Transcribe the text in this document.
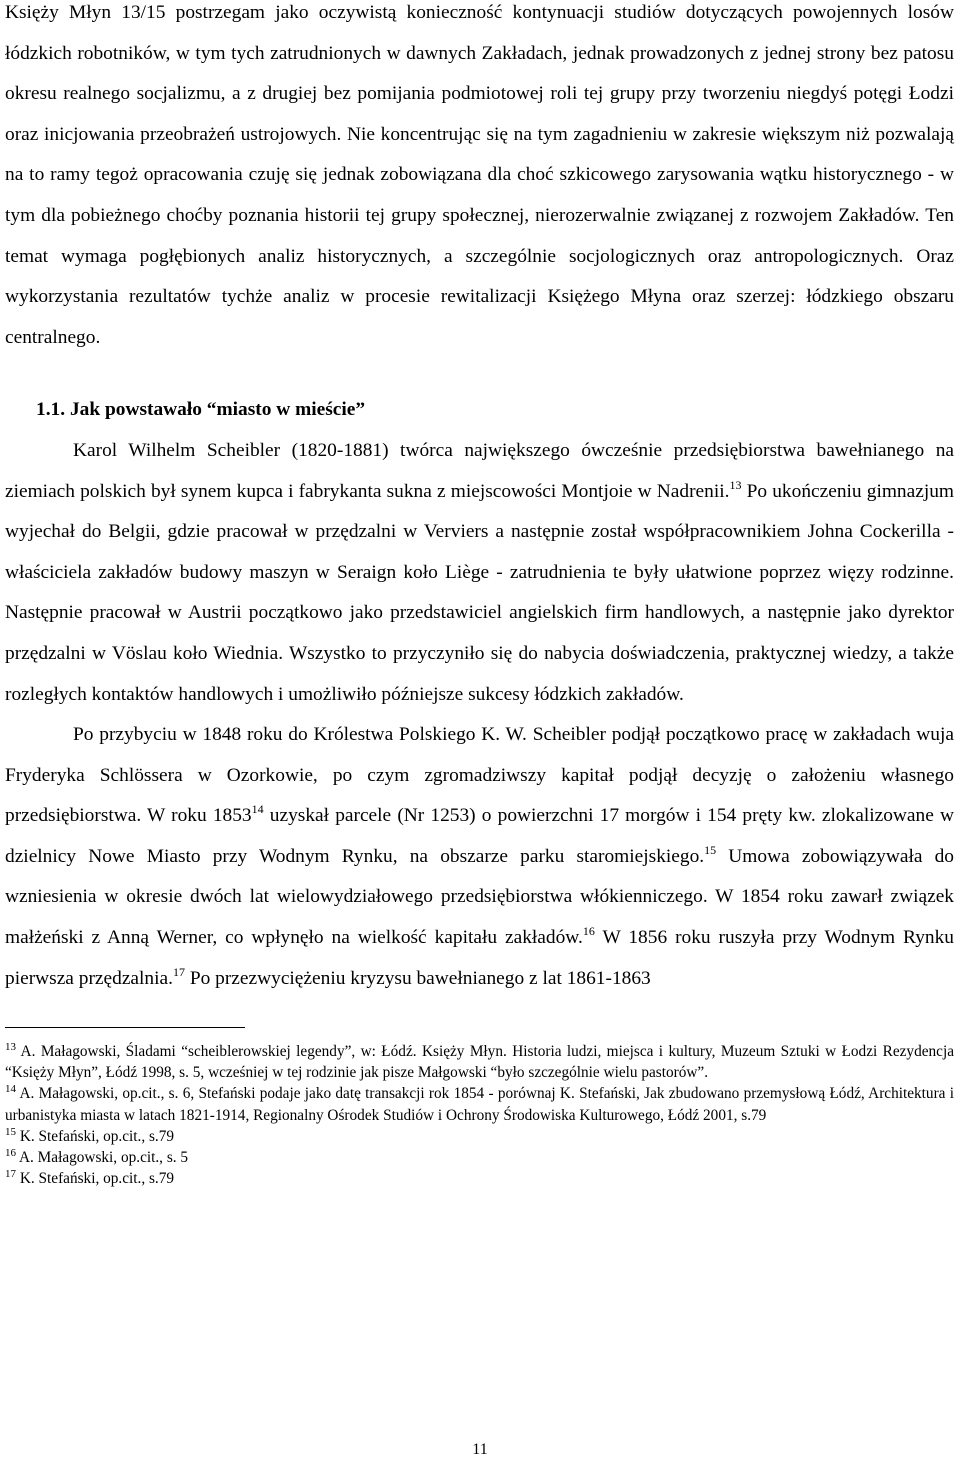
Księży Młyn 13/15 postrzegam jako oczywistą konieczność kontynuacji studiów dotyczących powojennych losów łódzkich robotników, w tym tych zatrudnionych w dawnych Zakładach, jednak prowadzonych z jednej strony bez patosu okresu realnego socjalizmu, a z drugiej bez pomijania podmiotowej roli tej grupy przy tworzeniu niegdyś potęgi Łodzi oraz inicjowania przeobrażeń ustrojowych. Nie koncentrując się na tym zagadnieniu w zakresie większym niż pozwalają na to ramy tegoż opracowania czuję się jednak zobowiązana dla choć szkicowego zarysowania wątku historycznego - w tym dla pobieżnego choćby poznania historii tej grupy społecznej, nierozerwalnie związanej z rozwojem Zakładów. Ten temat wymaga pogłębionych analiz historycznych, a szczególnie socjologicznych oraz antropologicznych. Oraz wykorzystania rezultatów tychże analiz w procesie rewitalizacji Księżego Młyna oraz szerzej: łódzkiego obszaru centralnego.

1.1. Jak powstawało “miasto w mieście”

Karol Wilhelm Scheibler (1820-1881) twórca największego ówcześnie przedsiębiorstwa bawełnianego na ziemiach polskich był synem kupca i fabrykanta sukna z miejscowości Montjoie w Nadrenii.$^{13}$ Po ukończeniu gimnazjum wyjechał do Belgii, gdzie pracował w przędzalni w Verviers a następnie został współpracownikiem Johna Cockerilla - właściciela zakładów budowy maszyn w Seraign koło Liège - zatrudnienia te były ułatwione poprzez więzy rodzinne. Następnie pracował w Austrii początkowo jako przedstawiciel angielskich firm handlowych, a następnie jako dyrektor przędzalni w Vöslau koło Wiednia. Wszystko to przyczyniło się do nabycia doświadczenia, praktycznej wiedzy, a także rozległych kontaktów handlowych i umożliwiło późniejsze sukcesy łódzkich zakładów.

Po przybyciu w 1848 roku do Królestwa Polskiego K. W. Scheibler podjął początkowo pracę w zakładach wuja Fryderyka Schlössera w Ozorkowie, po czym zgromadziwszy kapitał podjął decyzję o założeniu własnego przedsiębiorstwa. W roku 1853$^{14}$ uzyskał parcele (Nr 1253) o powierzchni 17 morgów i 154 pręty kw. zlokalizowane w dzielnicy Nowe Miasto przy Wodnym Rynku, na obszarze parku staromiejskiego.$^{15}$ Umowa zobowiązywała do wzniesienia w okresie dwóch lat wielowydziałowego przedsiębiorstwa włókienniczego. W 1854 roku zawarł związek małżeński z Anną Werner, co wpłynęło na wielkość kapitału zakładów.$^{16}$ W 1856 roku ruszyła przy Wodnym Rynku pierwsza przędzalnia.$^{17}$ Po przezwyciężeniu kryzysu bawełnianego z lat 1861-1863

$^{13}$ A. Małagowski, Śladami “scheiblerowskiej legendy”, w: Łódź. Księży Młyn. Historia ludzi, miejsca i kultury, Muzeum Sztuki w Łodzi Rezydencja “Księży Młyn”, Łódź 1998, s. 5, wcześniej w tej rodzinie jak pisze Małgowski “było szczególnie wielu pastorów”.

$^{14}$ A. Małagowski, op.cit., s. 6, Stefański podaje jako datę transakcji rok 1854 - porównaj K. Stefański, Jak zbudowano przemysłową Łódź, Architektura i urbanistyka miasta w latach 1821-1914, Regionalny Ośrodek Studiów i Ochrony Środowiska Kulturowego, Łódź 2001, s.79

$^{15}$ K. Stefański, op.cit., s.79

$^{16}$ A. Małagowski, op.cit., s. 5

$^{17}$ K. Stefański, op.cit., s.79

11
